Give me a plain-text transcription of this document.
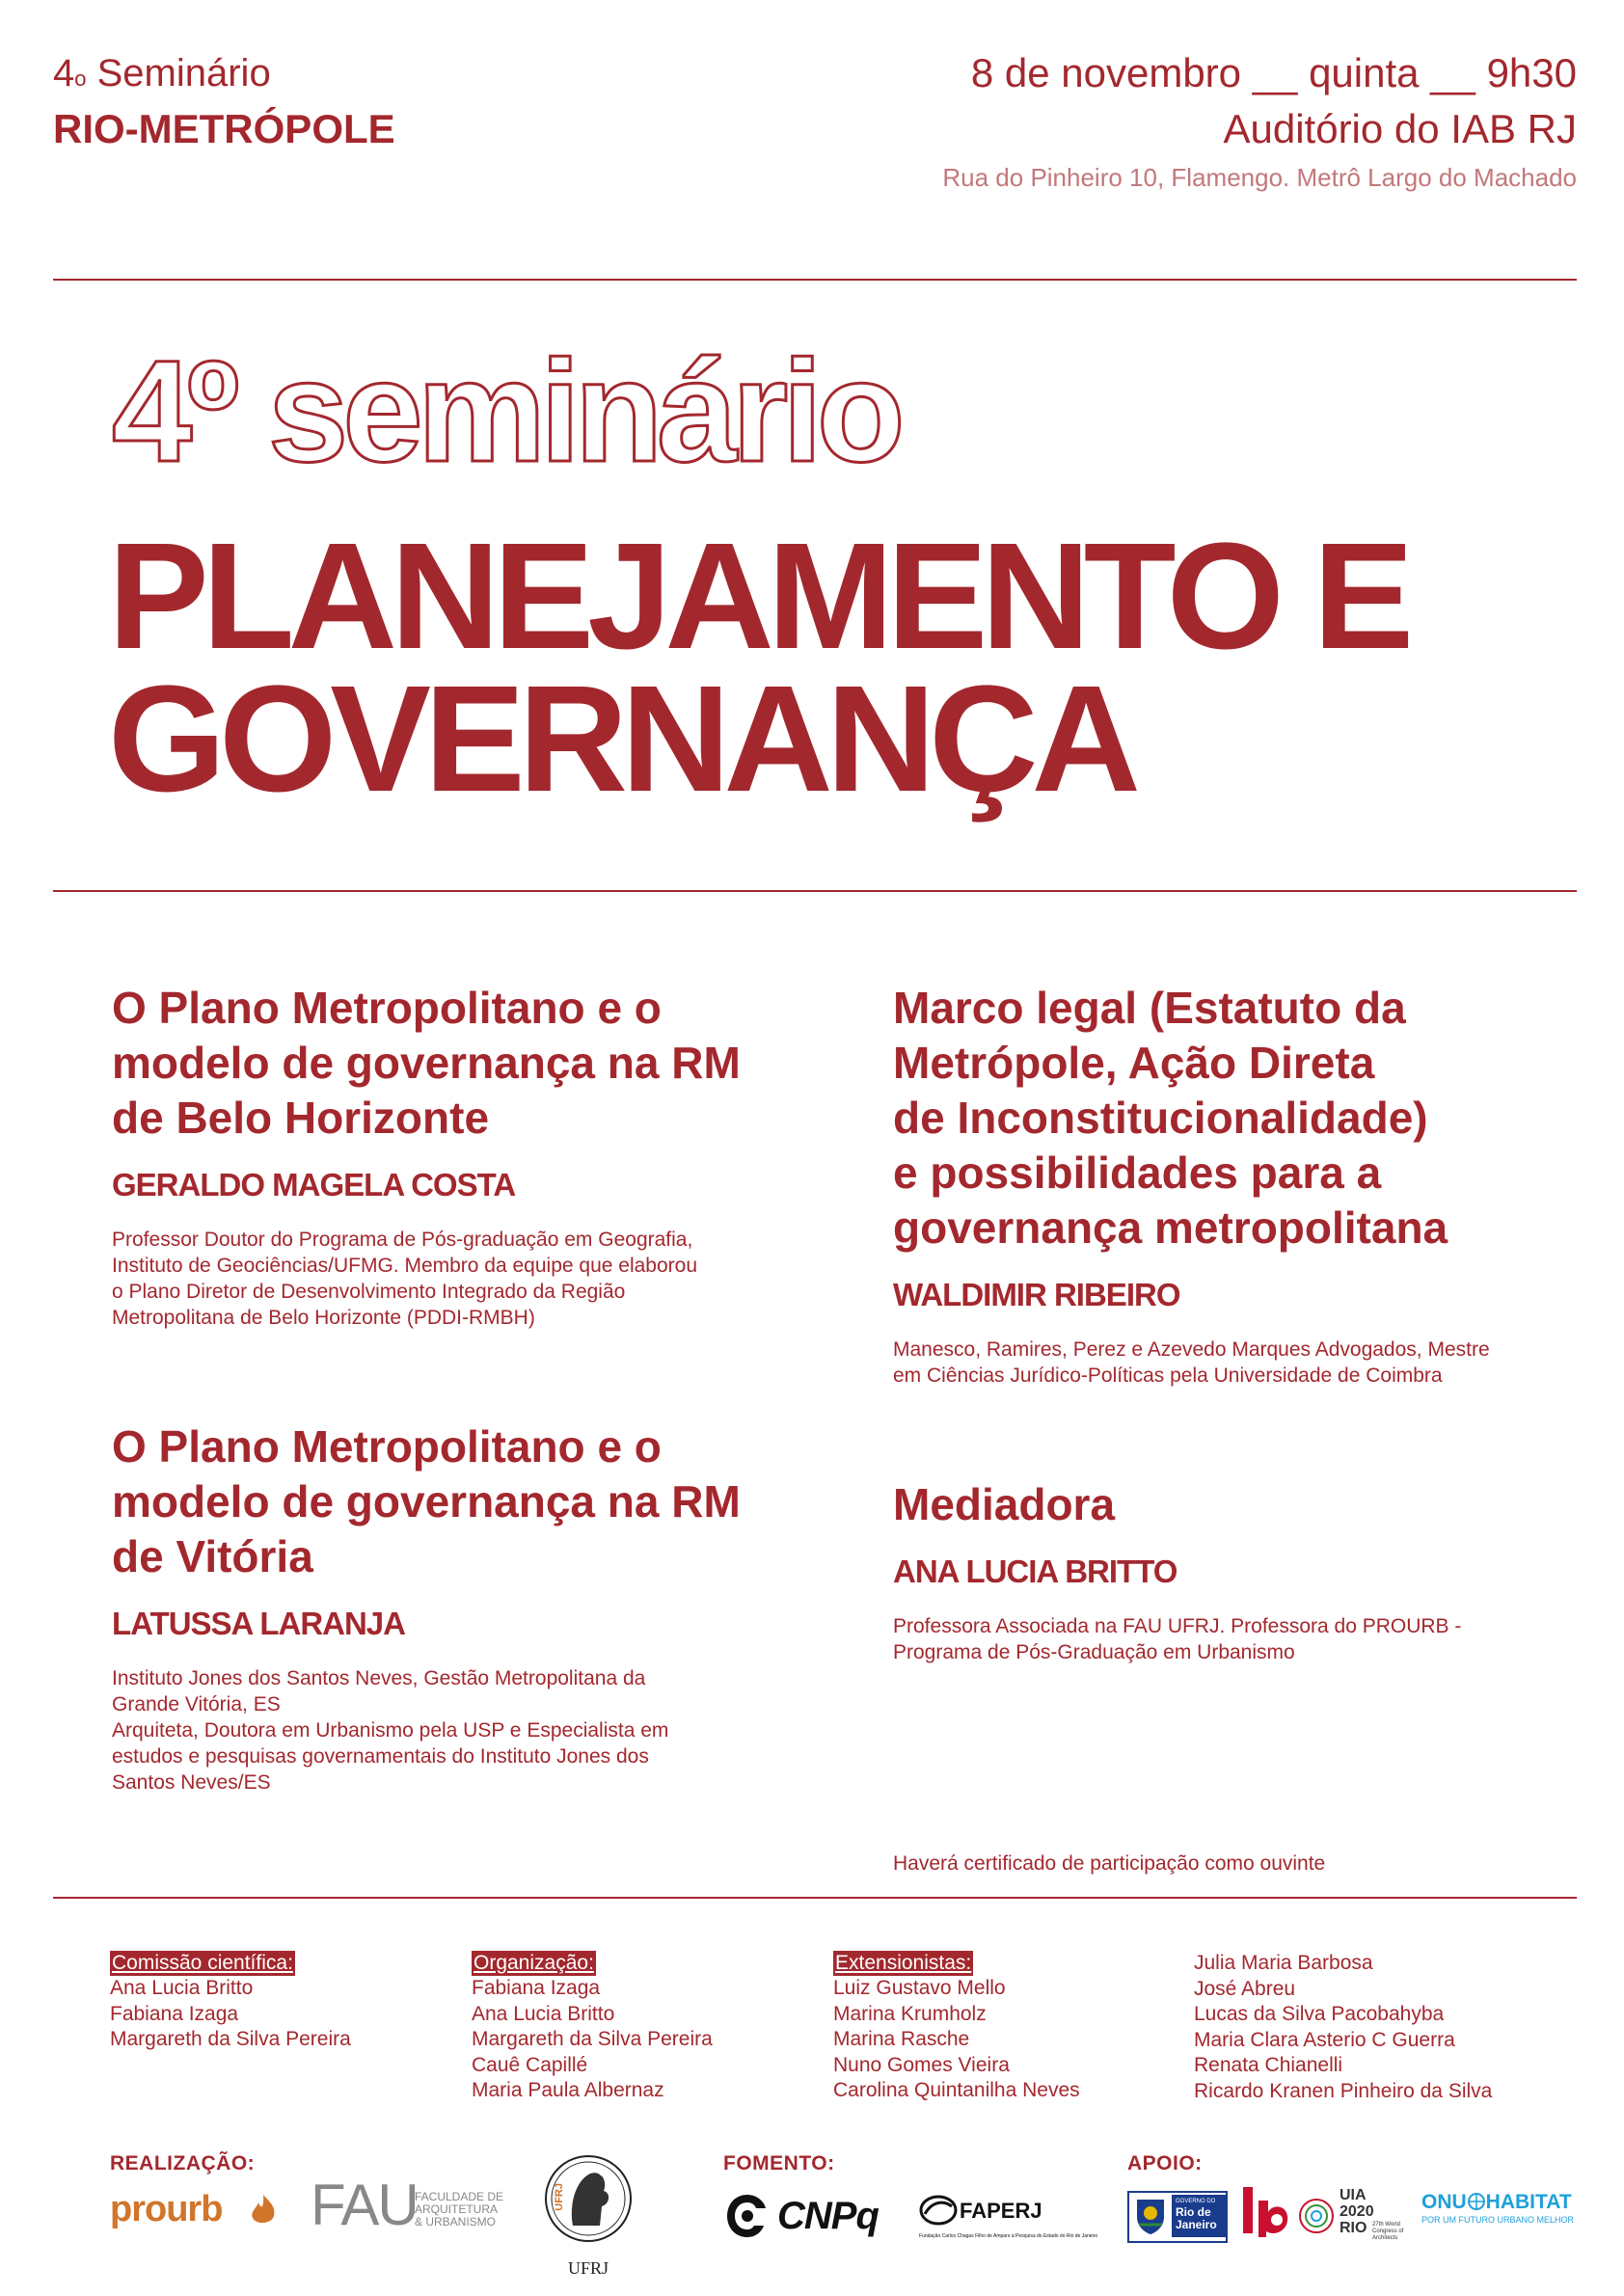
4$^o$ Seminário
RIO-METRÓPOLE
8 de novembro __ quinta __ 9h30
Auditório do IAB RJ
Rua do Pinheiro 10, Flamengo. Metrô Largo do Machado
4º seminário
PLANEJAMENTO E
GOVERNANÇA
O Plano Metropolitano e o
modelo de governança na RM
de Belo Horizonte

GERALDO MAGELA COSTA

Professor Doutor do Programa de Pós-graduação em Geografia,
Instituto de Geociências/UFMG. Membro da equipe que elaborou
o Plano Diretor de Desenvolvimento Integrado da Região
Metropolitana de Belo Horizonte (PDDI-RMBH)

O Plano Metropolitano e o
modelo de governança na RM
de Vitória

LATUSSA LARANJA

Instituto Jones dos Santos Neves, Gestão Metropolitana da
Grande Vitória, ES
Arquiteta, Doutora em Urbanismo pela USP e Especialista em
estudos e pesquisas governamentais do Instituto Jones dos
Santos Neves/ES

Marco legal (Estatuto da
Metrópole, Ação Direta
de Inconstitucionalidade)
e possibilidades para a
governança metropolitana

WALDIMIR RIBEIRO

Manesco, Ramires, Perez e Azevedo Marques Advogados, Mestre
em Ciências Jurídico-Políticas pela Universidade de Coimbra

Mediadora

ANA LUCIA BRITTO

Professora Associada na FAU UFRJ. Professora do PROURB -
Programa de Pós-Graduação em Urbanismo

Haverá certificado de participação como ouvinte
Comissão científica:
Ana Lucia Britto
Fabiana Izaga
Margareth da Silva Pereira
Organização:
Fabiana Izaga
Ana Lucia Britto
Margareth da Silva Pereira
Cauê Capillé
Maria Paula Albernaz
Extensionistas:
Luiz Gustavo Mello
Marina Krumholz
Marina Rasche
Nuno Gomes Vieira
Carolina Quintanilha Neves
Julia Maria Barbosa
José Abreu
Lucas da Silva Pacobahyba
Maria Clara Asterio C Guerra
Renata Chianelli
Ricardo Kranen Pinheiro da Silva
REALIZAÇÃO:	FOMENTO:	APOIO:
prourb	FAU
FACULDADE DE
ARQUITETURA
& URBANISMO
UFRJ
UFRJ
CNPq	FAPERJ
Fundação Carlos Chagas Filho de Amparo à Pesquisa do Estado do Rio de Janeiro
GOVERNO DO
Rio de
Janeiro
UIA
2020
RIO 27th World Congress of Architects
ONU HABITAT
POR UM FUTURO URBANO MELHOR
